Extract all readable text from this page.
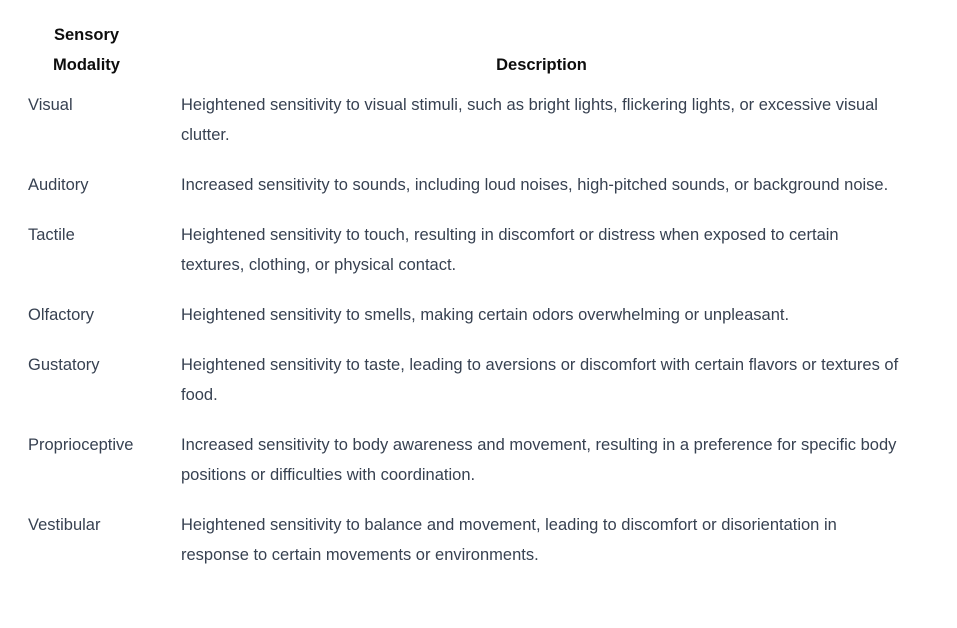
Sensory Modality	Description
Visual	Heightened sensitivity to visual stimuli, such as bright lights, flickering lights, or excessive visual clutter.
Auditory	Increased sensitivity to sounds, including loud noises, high-pitched sounds, or background noise.
Tactile	Heightened sensitivity to touch, resulting in discomfort or distress when exposed to certain textures, clothing, or physical contact.
Olfactory	Heightened sensitivity to smells, making certain odors overwhelming or unpleasant.
Gustatory	Heightened sensitivity to taste, leading to aversions or discomfort with certain flavors or textures of food.
Proprioceptive	Increased sensitivity to body awareness and movement, resulting in a preference for specific body positions or difficulties with coordination.
Vestibular	Heightened sensitivity to balance and movement, leading to discomfort or disorientation in response to certain movements or environments.
